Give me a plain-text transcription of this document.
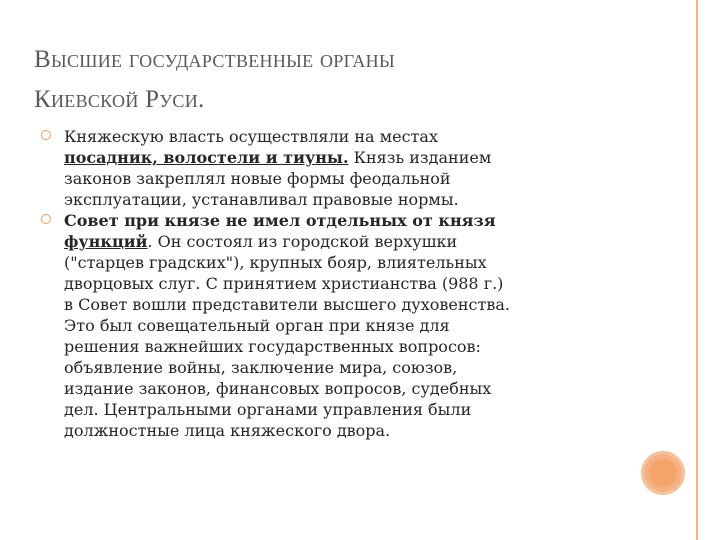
Высшие государственные органы
Киевской Руси.
Княжескую власть осуществляли на местах
посадник, волостели и тиуны. Князь изданием
законов закреплял новые формы феодальной
эксплуатации, устанавливал правовые нормы.
Совет при князе не имел отдельных от князя
функций. Он состоял из городской верхушки
("старцев градских"), крупных бояр, влиятельных
дворцовых слуг. С принятием христианства (988 г.)
в Совет вошли представители высшего духовенства.
Это был совещательный орган при князе для
решения важнейших государственных вопросов:
объявление войны, заключение мира, союзов,
издание законов, финансовых вопросов, судебных
дел. Центральными органами управления были
должностные лица княжеского двора.
